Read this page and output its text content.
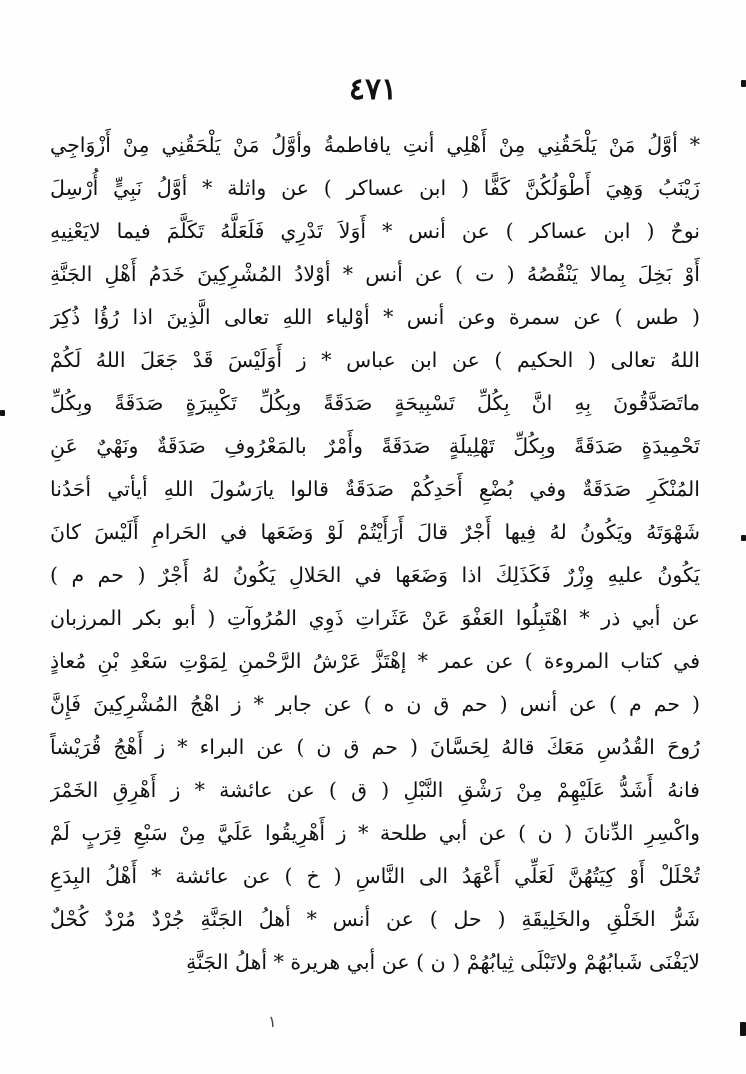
٤٧١
* أوَّلُ مَنْ يَلْحَقُنِي مِنْ أَهْلِي أنتِ يافاطمةُ وأوَّلُ مَنْ يَلْحَقُنِي مِنْ أَزْوَاجِي
زَيْنَبُ وَهِيَ أَطْوَلُكُنَّ كَفًّا ( ابن عساكر ) عن واثلة * أوَّلُ نَبِيٍّ أُرْسِلَ
نوحٌ ( ابن عساكر ) عن أنس * أَوَلاَ تَدْرِي فَلَعَلَّهُ تَكَلَّمَ فيما لايَعْنِيهِ
أَوْ بَخِلَ بِمالا يَنْقُصُهُ ( ت ) عن أنس * أوْلادُ المُشْرِكِينَ خَدَمُ أَهْلِ الجَنَّةِ
( طس ) عن سمرة وعن أنس * أوْلياء اللهِ تعالى الَّذِينَ اذا رُؤُا ذُكِرَ
اللهُ تعالى ( الحكيم ) عن ابن عباس * ز أَوَلَيْسَ قَدْ جَعَلَ اللهُ لَكُمْ
ماتَصَدَّقُونَ بِهِ انَّ بِكُلِّ تَسْبِيحَةٍ صَدَقَةً وبِكُلِّ تَكْبِيرَةٍ صَدَقَةً وبِكُلِّ
تَحْمِيدَةٍ صَدَقَةً وبِكُلِّ تَهْلِيلَةٍ صَدَقَةً وأَمْرٌ بالمَعْرُوفِ صَدَقَةٌ ونَهْيٌ عَنِ
المُنْكَرِ صَدَقَةٌ وفي بُضْعِ أَحَدِكُمْ صَدَقَةٌ قالوا يارَسُولَ اللهِ أيأتي أحَدُنا
شَهْوَتَهُ ويَكُونُ لهُ فِيها أَجْرٌ قالَ أَرَأَيْتُمْ لَوْ وَضَعَها في الحَرامِ أَلَيْسَ كانَ
يَكُونُ عليهِ وِزْرٌ فَكَذَلِكَ اذا وَضَعَها في الحَلالِ يَكُونُ لهُ أَجْرٌ ( حم م )
عن أبي ذر * اهْتَبِلُوا العَفْوَ عَنْ عَثَراتِ ذَوِي المُرُوآتِ ( أبو بكر المرزبان
في كتاب المروءة ) عن عمر * إهْتَزَّ عَرْشُ الرَّحْمنِ لِمَوْتِ سَعْدِ بْنِ مُعاذٍ
( حم م ) عن أنس ( حم ق ن ه ) عن جابر * ز اهْجُ المُشْرِكِينَ فَإِنَّ
رُوحَ القُدُسِ مَعَكَ قالهُ لِحَسَّانَ ( حم ق ن ) عن البراء * ز أَهْجُ قُرَيْشاً
فانهُ أَشَدُّ عَلَيْهِمْ مِنْ رَشْقِ النَّبْلِ ( ق ) عن عائشة * ز أَهْرِقِ الخَمْرَ
واكْسِرِ الدِّنانَ ( ن ) عن أبي طلحة * ز أَهْرِيقُوا عَلَيَّ مِنْ سَبْعِ قِرَبٍ لَمْ
تُحْلَلْ أَوْ كِيَتُهُنَّ لَعَلِّي أَعْهَدُ الى النَّاسِ ( خ ) عن عائشة * أَهْلُ البِدَعِ
شَرُّ الخَلْقِ والخَلِيقَةِ ( حل ) عن أنس * أهلُ الجَنَّةِ جُرْدٌ مُرْدٌ كُحْلٌ
لايَفْنَى شَبابُهُمْ ولاتَبْلَى ثِيابُهُمْ ( ن ) عن أبي هريرة * أهلُ الجَنَّةِ
١
